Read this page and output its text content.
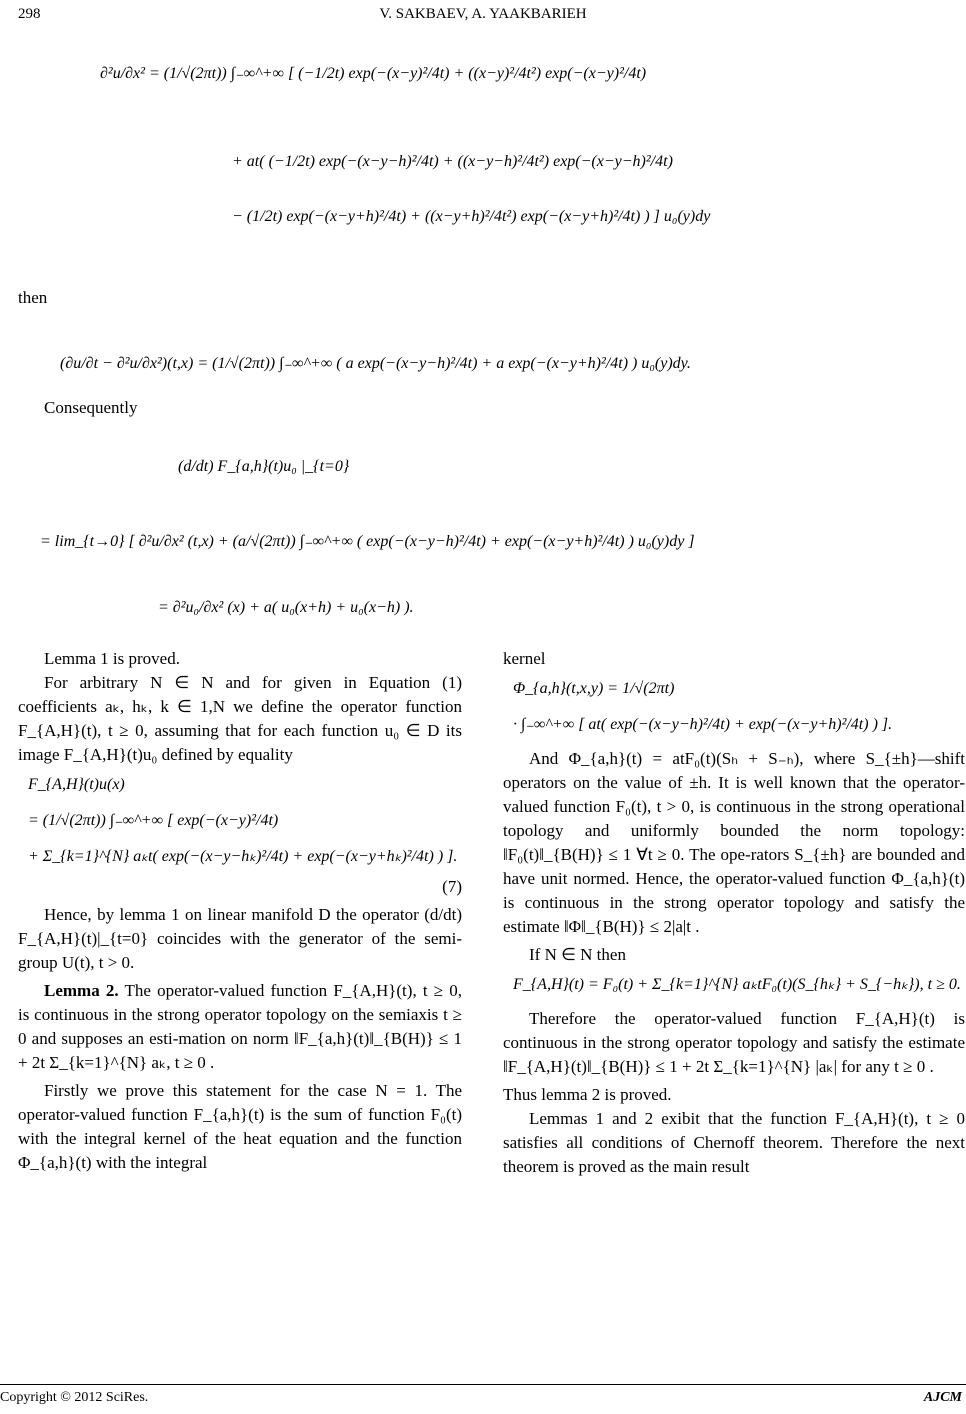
298	V. SAKBAEV, A. YAAKBARIEH
∂²u/∂x² = (1/√(2πt)) ∫₋∞^+∞ [ (−1/2t) exp(−(x−y)²/4t) + ((x−y)²/4t²) exp(−(x−y)²/4t)
+ at( (−1/2t) exp(−(x−y−h)²/4t) + ((x−y−h)²/4t²) exp(−(x−y−h)²/4t)
− (1/2t) exp(−(x−y+h)²/4t) + ((x−y+h)²/4t²) exp(−(x−y+h)²/4t) ) ] u₀(y)dy
then
(∂u/∂t − ∂²u/∂x²)(t,x) = (1/√(2πt)) ∫₋∞^+∞ ( a exp(−(x−y−h)²/4t) + a exp(−(x−y+h)²/4t) ) u₀(y)dy.
Consequently
(d/dt) F_{a,h}(t)u₀ |_{t=0}
= lim_{t→0} [ ∂²u/∂x² (t,x) + (a/√(2πt)) ∫₋∞^+∞ ( exp(−(x−y−h)²/4t) + exp(−(x−y+h)²/4t) ) u₀(y)dy ]
= ∂²u₀/∂x² (x) + a( u₀(x+h) + u₀(x−h) ).
Lemma 1 is proved.
For arbitrary N ∈ N and for given in Equation (1) coefficients aₖ, hₖ, k ∈ 1,N we define the operator function F_{A,H}(t), t ≥ 0, assuming that for each function u₀ ∈ D its image F_{A,H}(t)u₀ defined by equality
F_{A,H}(t)u(x)
= (1/√(2πt)) ∫₋∞^+∞ [ exp(−(x−y)²/4t)
+ Σ_{k=1}^{N} aₖt( exp(−(x−y−hₖ)²/4t) + exp(−(x−y+hₖ)²/4t) ) ].
(7)
Hence, by lemma 1 on linear manifold D the operator (d/dt) F_{A,H}(t)|_{t=0} coincides with the generator of the semi-group U(t), t > 0.
Lemma 2. The operator-valued function F_{A,H}(t), t ≥ 0, is continuous in the strong operator topology on the semiaxis t ≥ 0 and supposes an esti-mation on norm ‖F_{a,h}(t)‖_{B(H)} ≤ 1 + 2t Σ_{k=1}^{N} aₖ, t ≥ 0 .
Firstly we prove this statement for the case N = 1. The operator-valued function F_{a,h}(t) is the sum of function F₀(t) with the integral kernel of the heat equation and the function Φ_{a,h}(t) with the integral
kernel
Φ_{a,h}(t,x,y) = 1/√(2πt)
· ∫₋∞^+∞ [ at( exp(−(x−y−h)²/4t) + exp(−(x−y+h)²/4t) ) ].
And Φ_{a,h}(t) = atF₀(t)(Sₕ + S₋ₕ), where S_{±h}—shift operators on the value of ±h. It is well known that the operator-valued function F₀(t), t > 0, is continuous in the strong operational topology and uniformly bounded the norm topology: ‖F₀(t)‖_{B(H)} ≤ 1 ∀t ≥ 0. The ope-rators S_{±h} are bounded and have unit normed. Hence, the operator-valued function Φ_{a,h}(t) is continuous in the strong operator topology and satisfy the estimate ‖Φ‖_{B(H)} ≤ 2|a|t .
If N ∈ N then
F_{A,H}(t) = F₀(t) + Σ_{k=1}^{N} aₖtF₀(t)(S_{hₖ} + S_{−hₖ}), t ≥ 0.
Therefore the operator-valued function F_{A,H}(t) is continuous in the strong operator topology and satisfy the estimate ‖F_{A,H}(t)‖_{B(H)} ≤ 1 + 2t Σ_{k=1}^{N} |aₖ| for any t ≥ 0 .
Thus lemma 2 is proved.
Lemmas 1 and 2 exibit that the function F_{A,H}(t), t ≥ 0 satisfies all conditions of Chernoff theorem. Therefore the next theorem is proved as the main result
Copyright © 2012 SciRes.	AJCM
